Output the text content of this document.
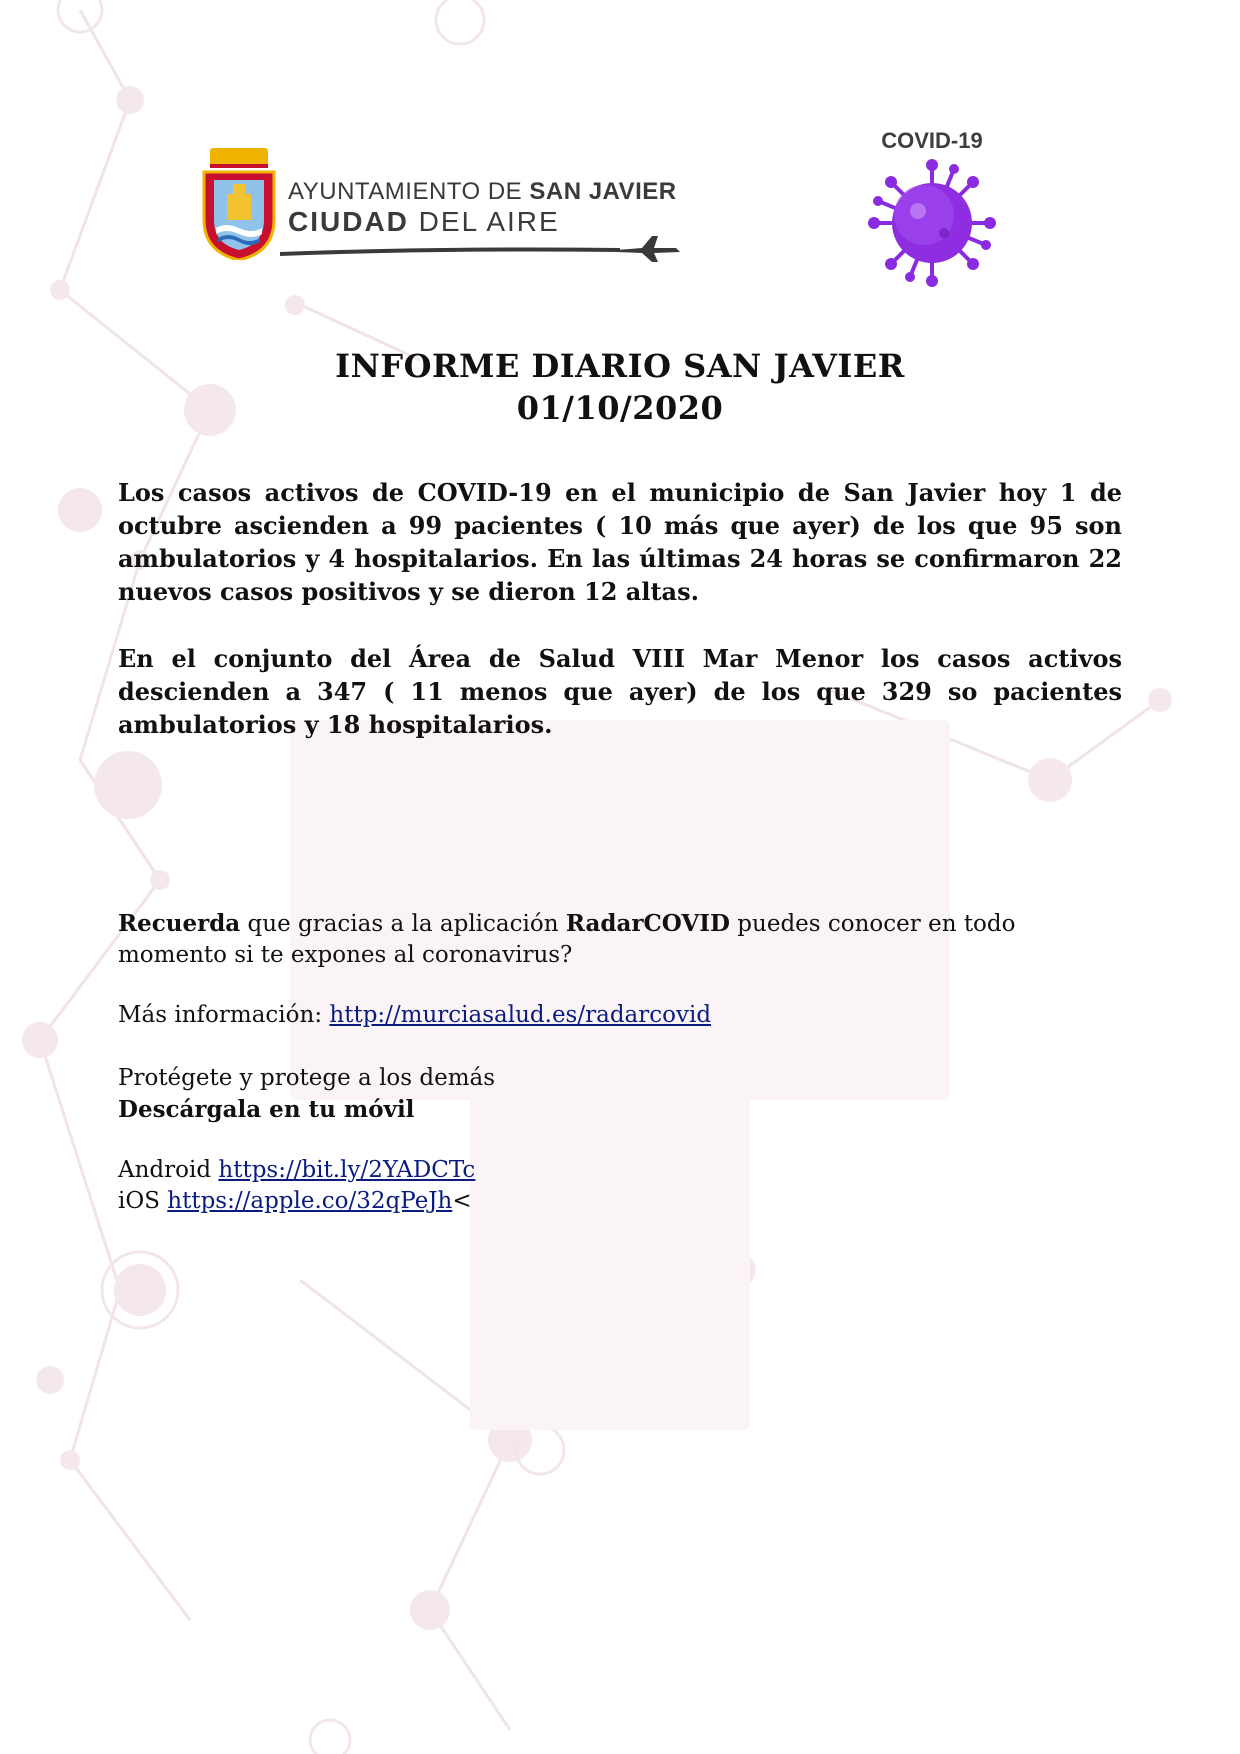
AYUNTAMIENTO DE SAN JAVIER
CIUDAD DEL AIRE
COVID-19
INFORME DIARIO SAN JAVIER
01/10/2020

Los casos activos de COVID-19 en el municipio de San Javier hoy 1 de octubre ascienden a 99 pacientes ( 10 más que ayer) de los que 95 son ambulatorios y 4 hospitalarios. En las últimas 24 horas se confirmaron 22 nuevos casos positivos y se dieron 12 altas.

En el conjunto del Área de Salud VIII Mar Menor los casos activos descienden a 347 ( 11 menos que ayer) de los que 329 so pacientes ambulatorios y 18 hospitalarios.

Recuerda que gracias a la aplicación RadarCOVID puedes conocer en todo momento si te expones al coronavirus?

Más información: http://murciasalud.es/radarcovid

Protégete y protege a los demás
Descárgala en tu móvil

Android https://bit.ly/2YADCTc
iOS https://apple.co/32qPeJh<
